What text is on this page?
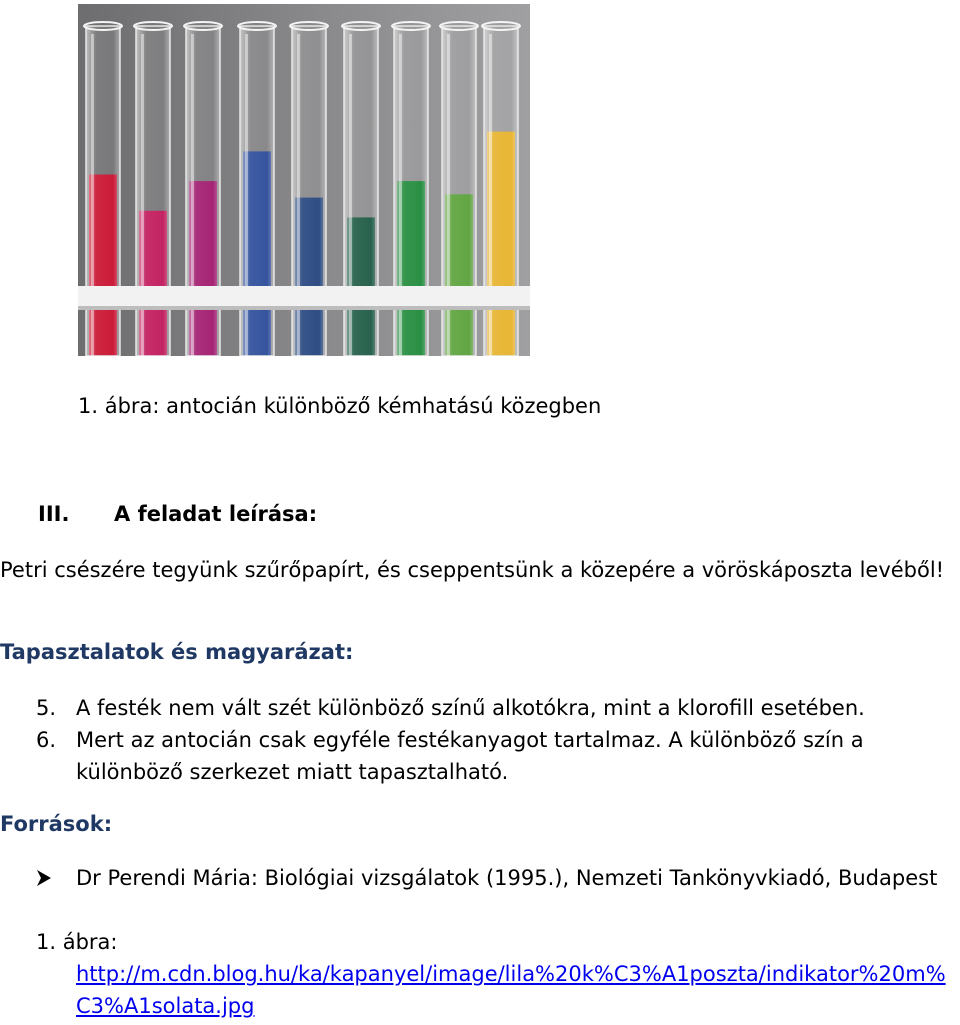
1. ábra: antocián különböző kémhatású közegben
III. A feladat leírása:
Petri csészére tegyünk szűrőpapírt, és cseppentsünk a közepére a vöröskáposzta levéből!
Tapasztalatok és magyarázat:
5. A festék nem vált szét különböző színű alkotókra, mint a klorofill esetében.
6. Mert az antocián csak egyféle festékanyagot tartalmaz. A különböző szín a különböző szerkezet miatt tapasztalható.
Források:
Dr Perendi Mária: Biológiai vizsgálatok (1995.), Nemzeti Tankönyvkiadó, Budapest
1. ábra:
http://m.cdn.blog.hu/ka/kapanyel/image/lila%20k%C3%A1poszta/indikator%20m%C3%A1solata.jpg
